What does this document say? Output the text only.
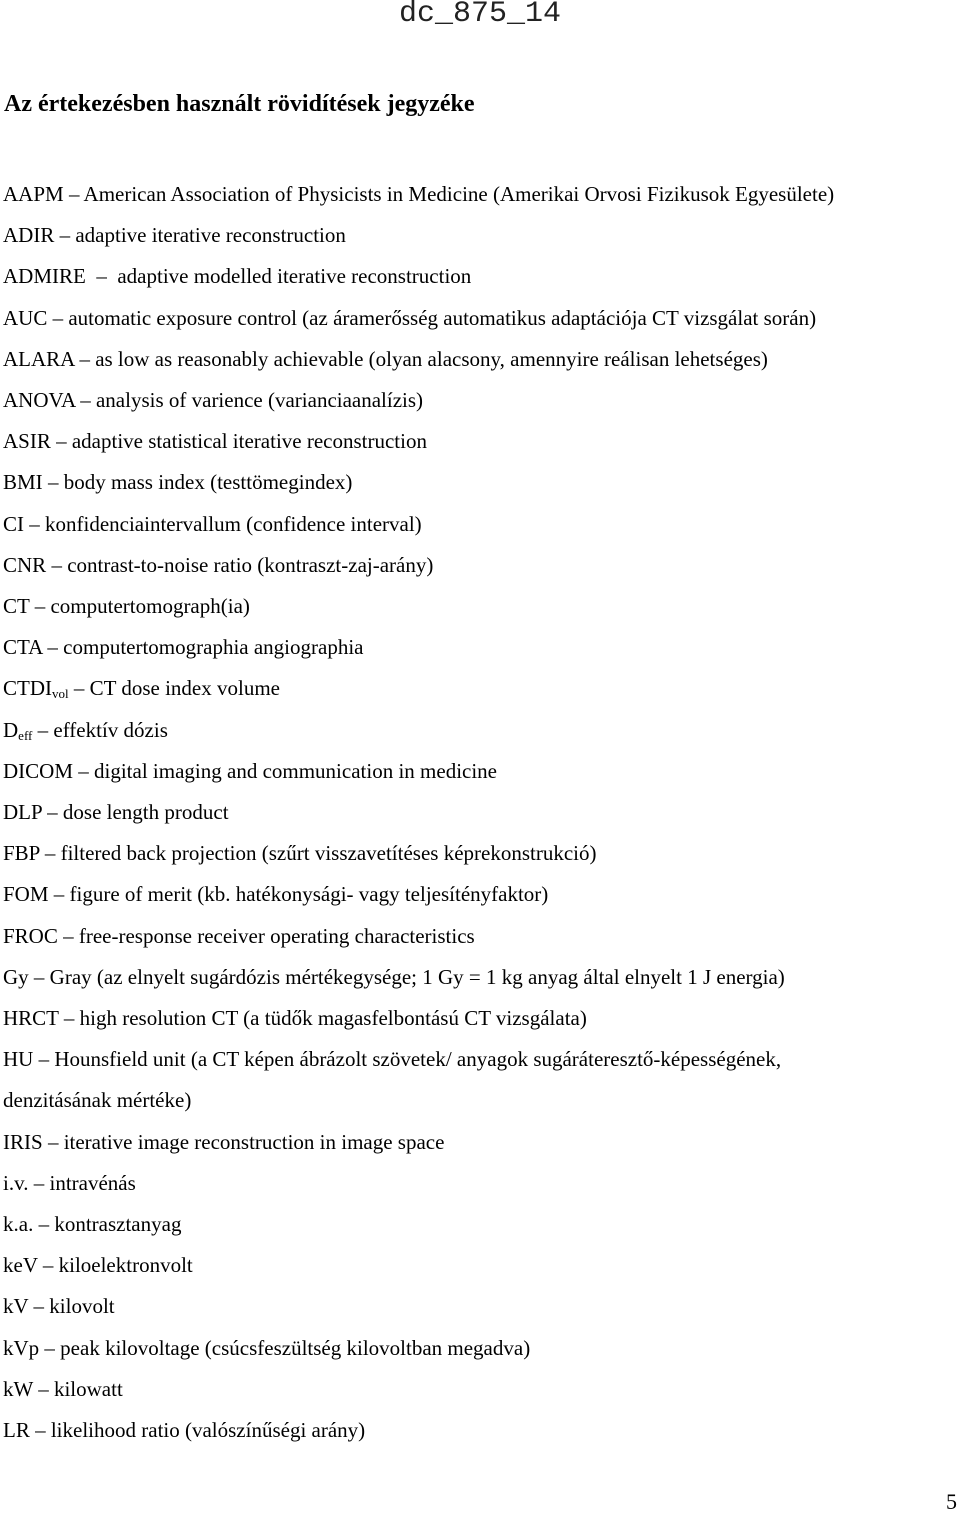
dc_875_14
Az értekezésben használt rövidítések jegyzéke
AAPM – American Association of Physicists in Medicine (Amerikai Orvosi Fizikusok Egyesülete)
ADIR – adaptive iterative reconstruction
ADMIRE  –  adaptive modelled iterative reconstruction
AUC – automatic exposure control (az áramerősség automatikus adaptációja CT vizsgálat során)
ALARA – as low as reasonably achievable (olyan alacsony, amennyire reálisan lehetséges)
ANOVA – analysis of varience (varianciaanalízis)
ASIR – adaptive statistical iterative reconstruction
BMI – body mass index (testtömegindex)
CI – konfidenciaintervallum (confidence interval)
CNR – contrast-to-noise ratio (kontraszt-zaj-arány)
CT – computertomograph(ia)
CTA – computertomographia angiographia
$CTDI_{vol}$ – CT dose index volume
$D_{eff}$ – effektív dózis
DICOM – digital imaging and communication in medicine
DLP – dose length product
FBP – filtered back projection (szűrt visszavetítéses képrekonstrukció)
FOM – figure of merit (kb. hatékonysági- vagy teljesítényfaktor)
FROC – free-response receiver operating characteristics
Gy – Gray (az elnyelt sugárdózis mértékegysége; 1 Gy = 1 kg anyag által elnyelt 1 J energia)
HRCT – high resolution CT (a tüdők magasfelbontású CT vizsgálata)
HU – Hounsfield unit (a CT képen ábrázolt szövetek/ anyagok sugáráteresztő-képességének,
denzitásának mértéke)
IRIS – iterative image reconstruction in image space
i.v. – intravénás
k.a. – kontrasztanyag
keV – kiloelektronvolt
kV – kilovolt
kVp – peak kilovoltage (csúcsfeszültség kilovoltban megadva)
kW – kilowatt
LR – likelihood ratio (valószínűségi arány)
5
